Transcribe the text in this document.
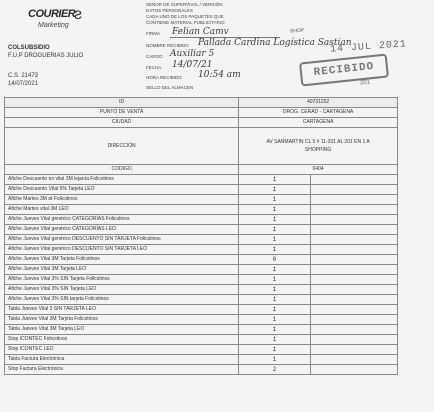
COURIER
Marketing
ƨ
COLSUBSIDIO
F.U.P DROGUERIAS JULIO
C.S. 21473
14/07/2021
SEÑOR DE SUPERVIVAL / VERSIÓN
DATOS PERSONALES
CADA UNO DE LOS PAQUETES QUE
CONTIENE MATERIAL PUBLICITARIO
FIRMA Felian Camv
NOMBRE RECIBIDO Pallada Cardina Logística Sastian
CARGO Auxiliar 5
FECHA 14/07/21
HORA RECIBIDO 10:54 am
SELLO DEL ALMACEN
SHOP
14 JUL 2021
RECIBIDO
201
ID	40731252	
PUNTO DE VENTA	DROG. CERAD - CARTAGENA	
CIUDAD	CARTAGENA	
DIRECCIÓN	AV SANMARTIN CL 5 # 11-201 AL 201 EN 1 A
SHOPPING	

CODIGO	0404	
Afiche Descuento en vital 3M lejanía Folicstinos	1	
Afiche Descuento Vital 5% Tarjeta LEO	1	
Afiche Martes 3M at Folicstinos	1	
Afiche Martes vital 3M LEO	1	
Afiche Jueves Vital genérico CATEGORÍAS Folicstinos	1	
Afiche Jueves Vital genérico CATEGORÍAS LEO	1	
Afiche Jueves Vital genérico DESCUENTO SIN TARJETA Folicstinos	1	
Afiche Jueves Vital genérico DESCUENTO SIN TARJETA LEO	1	
Afiche Jueves Vital 3M Tarjeta Folicstinos	0	
Afiche Jueves Vital 3M Tarjeta LEO	1	
Afiche Jueves Vital 3% SIN Tarjeta Folicstinos	1	
Afiche Jueves Vital 3% SIN Tarjeta LEO	1	
Afiche Jueves Vital 3% SIN tarjeta Folicstinos	1	
Tabla Jueves Vital 3 SIN TARJETA LEO	1	
Tabla Jueves Vital 3M Tarjeta Folicstinos	1	
Tabla Jueves Vital 3M Tarjeta LEO	1	
Stop ICONTEC Folicstinos	1	
Stop ICONTEC LEO	1	
Tabla Factura Electrónica	1	
Stop Factura Electrónica	2	
